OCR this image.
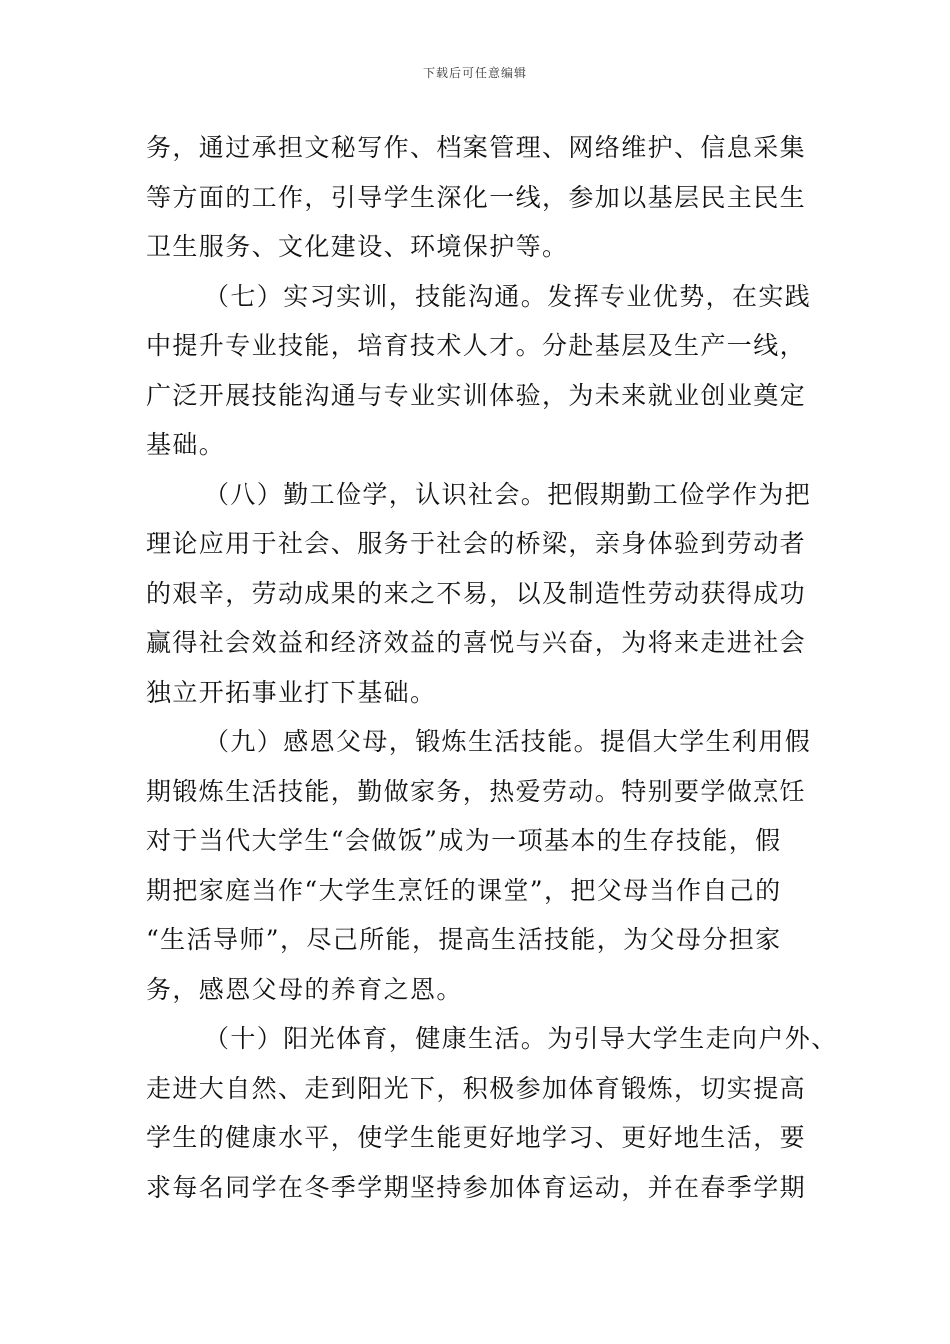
下载后可任意编辑
务，通过承担文秘写作、档案管理、网络维护、信息采集
等方面的工作，引导学生深化一线，参加以基层民主民生
卫生服务、文化建设、环境保护等。
（七）实习实训，技能沟通。发挥专业优势，在实践
中提升专业技能，培育技术人才。分赴基层及生产一线，
广泛开展技能沟通与专业实训体验，为未来就业创业奠定
基础。
（八）勤工俭学，认识社会。把假期勤工俭学作为把
理论应用于社会、服务于社会的桥梁，亲身体验到劳动者
的艰辛，劳动成果的来之不易，以及制造性劳动获得成功
赢得社会效益和经济效益的喜悦与兴奋，为将来走进社会
独立开拓事业打下基础。
（九）感恩父母，锻炼生活技能。提倡大学生利用假
期锻炼生活技能，勤做家务，热爱劳动。特别要学做烹饪
对于当代大学生“会做饭”成为一项基本的生存技能，假
期把家庭当作“大学生烹饪的课堂”，把父母当作自己的
“生活导师”，尽己所能，提高生活技能，为父母分担家
务，感恩父母的养育之恩。
（十）阳光体育，健康生活。为引导大学生走向户外、
走进大自然、走到阳光下，积极参加体育锻炼，切实提高
学生的健康水平，使学生能更好地学习、更好地生活，要
求每名同学在冬季学期坚持参加体育运动，并在春季学期
